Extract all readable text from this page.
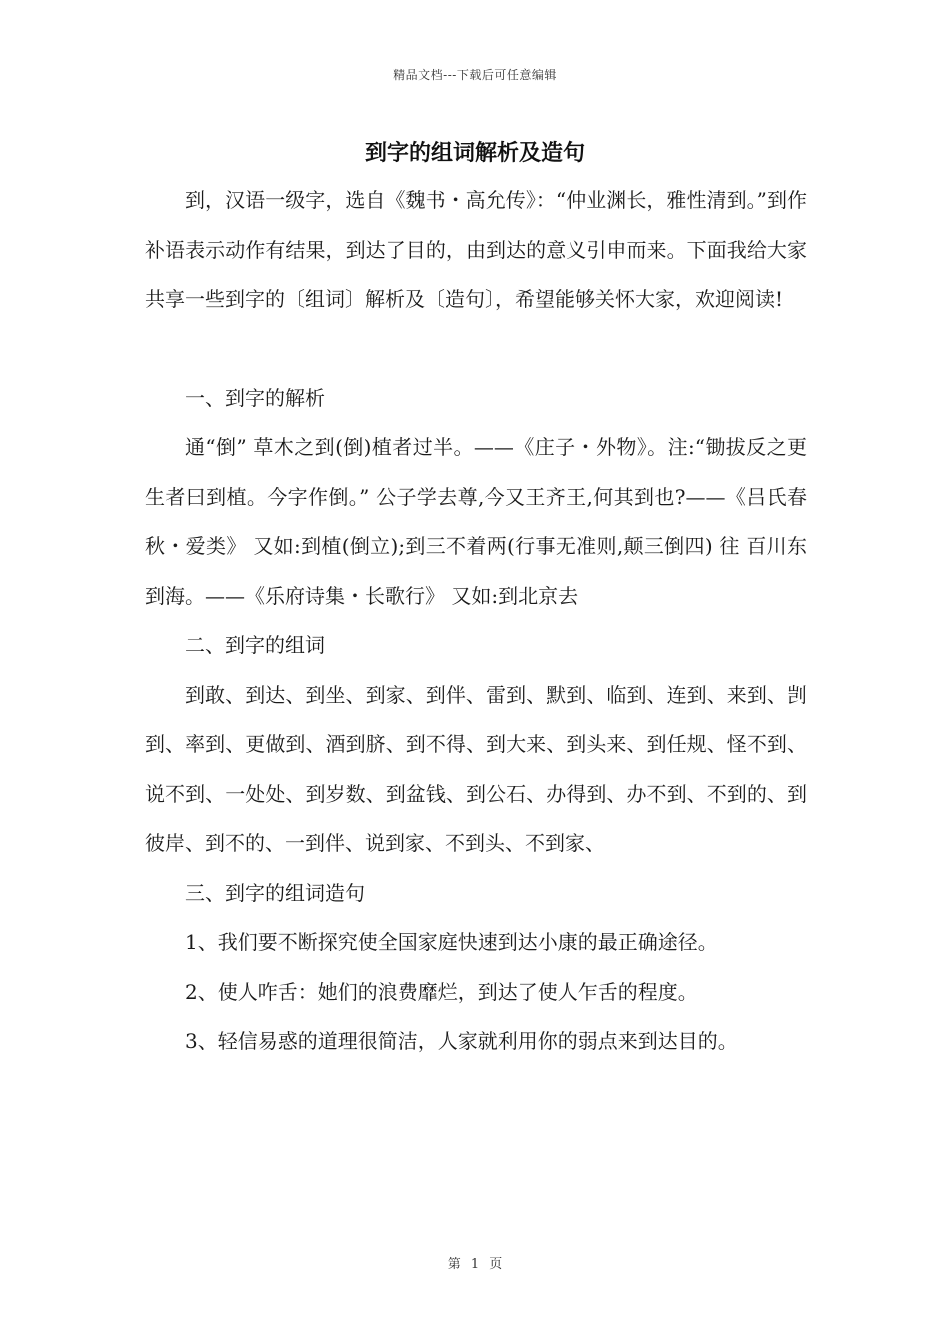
精品文档---下载后可任意编辑
到字的组词解析及造句

到，汉语一级字，选自《魏书・高允传》：“仲业渊长，雅性清到。”到作补语表示动作有结果，到达了目的，由到达的意义引申而来。下面我给大家共享一些到字的〔组词〕解析及〔造句〕，希望能够关怀大家，欢迎阅读!

一、到字的解析

通“倒” 草木之到(倒)植者过半。——《庄子・外物》。注:“锄拔反之更生者曰到植。今字作倒。” 公子学去尊,今又王齐王,何其到也?——《吕氏春秋・爱类》 又如:到植(倒立);到三不着两(行事无准则,颠三倒四) 往 百川东到海。——《乐府诗集・长歌行》 又如:到北京去

二、到字的组词

到敢、到达、到坐、到家、到伴、雷到、默到、临到、连到、来到、剀到、率到、更做到、酒到脐、到不得、到大来、到头来、到任规、怪不到、说不到、一处处、到岁数、到盆钱、到公石、办得到、办不到、不到的、到彼岸、到不的、一到伴、说到家、不到头、不到家、

三、到字的组词造句

1、我们要不断探究使全国家庭快速到达小康的最正确途径。

2、使人咋舌：她们的浪费靡烂，到达了使人乍舌的程度。

3、轻信易惑的道理很简洁，人家就利用你的弱点来到达目的。

第 1 页
